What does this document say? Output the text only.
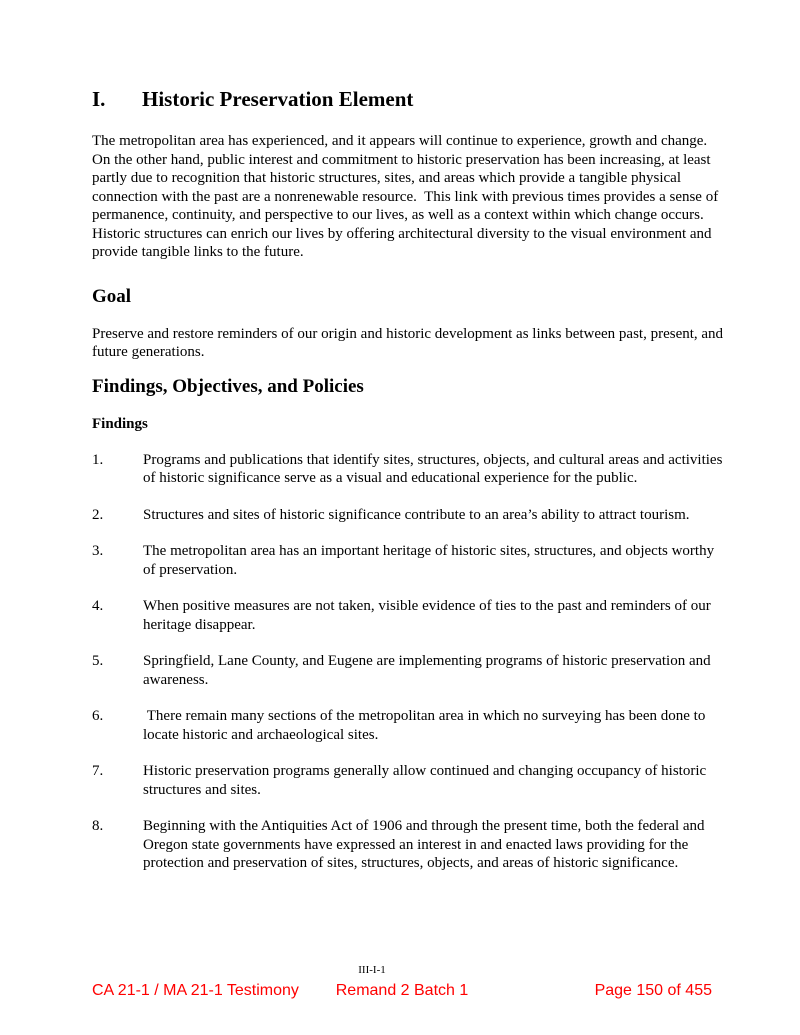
I.	Historic Preservation Element

The metropolitan area has experienced, and it appears will continue to experience, growth and change.  On the other hand, public interest and commitment to historic preservation has been increasing, at least partly due to recognition that historic structures, sites, and areas which provide a tangible physical connection with the past are a nonrenewable resource.  This link with previous times provides a sense of permanence, continuity, and perspective to our lives, as well as a context within which change occurs.  Historic structures can enrich our lives by offering architectural diversity to the visual environment and provide tangible links to the future.

Goal

Preserve and restore reminders of our origin and historic development as links between past, present, and future generations.

Findings, Objectives, and Policies
Findings
1.	Programs and publications that identify sites, structures, objects, and cultural areas and activities of historic significance serve as a visual and educational experience for the public.
2.	Structures and sites of historic significance contribute to an area’s ability to attract tourism.
3.	The metropolitan area has an important heritage of historic sites, structures, and objects worthy of preservation.
4.	When positive measures are not taken, visible evidence of ties to the past and reminders of our heritage disappear.
5.	Springfield, Lane County, and Eugene are implementing programs of historic preservation and awareness.
6.	There remain many sections of the metropolitan area in which no surveying has been done to locate historic and archaeological sites.
7.	Historic preservation programs generally allow continued and changing occupancy of historic structures and sites.
8.	Beginning with the Antiquities Act of 1906 and through the present time, both the federal and Oregon state governments have expressed an interest in and enacted laws providing for the protection and preservation of sites, structures, objects, and areas of historic significance.
III-I-1
CA 21-1 / MA 21-1 Testimony	Remand 2 Batch 1	Page 150 of 455
